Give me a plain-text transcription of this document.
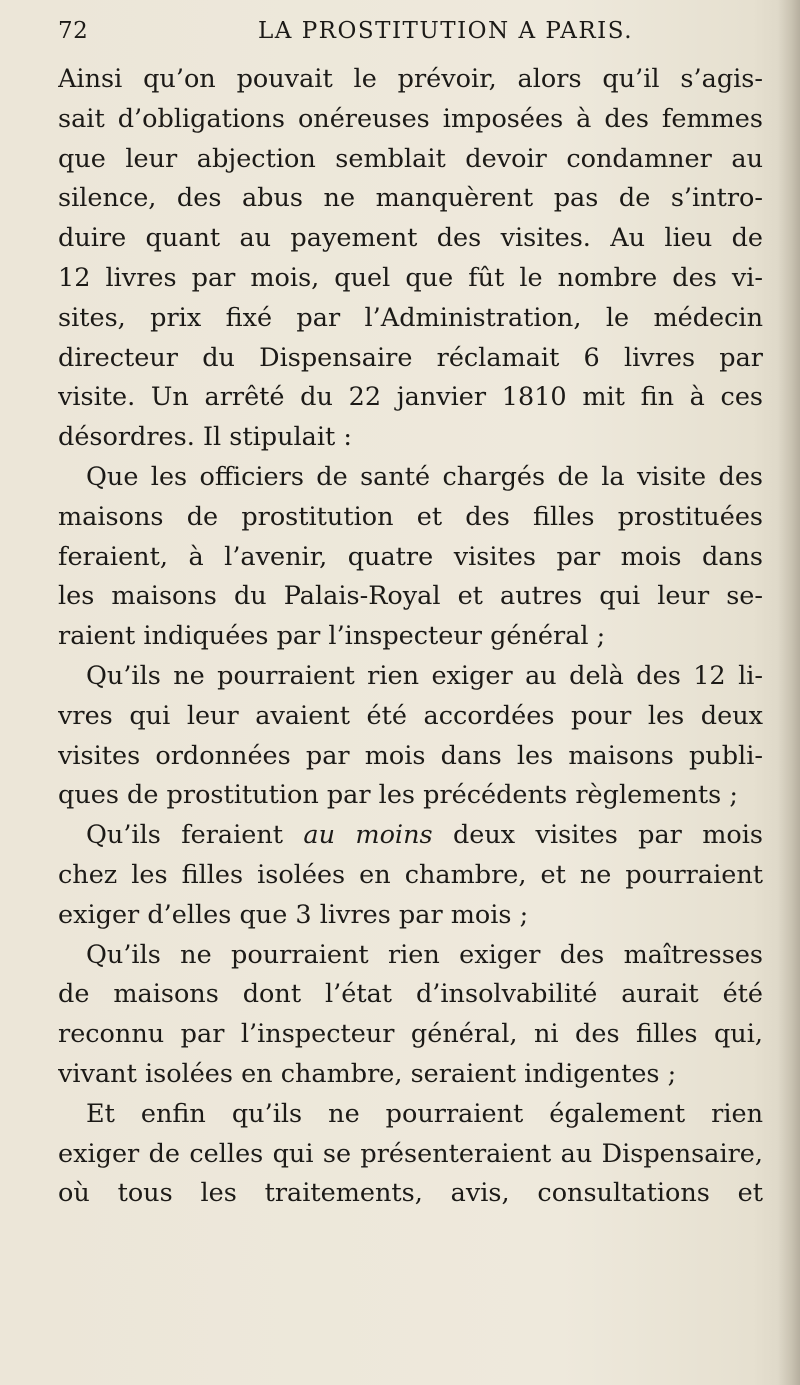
72	LA PROSTITUTION A PARIS.
Ainsi qu’on pouvait le prévoir, alors qu’il s’agis-
sait d’obligations onéreuses imposées à des femmes
que leur abjection semblait devoir condamner au
silence, des abus ne manquèrent pas de s’intro-
duire quant au payement des visites. Au lieu de
12 livres par mois, quel que fût le nombre des vi-
sites, prix fixé par l’Administration, le médecin
directeur du Dispensaire réclamait 6 livres par
visite. Un arrêté du 22 janvier 1810 mit fin à ces
désordres. Il stipulait :
Que les officiers de santé chargés de la visite des
maisons de prostitution et des filles prostituées
feraient, à l’avenir, quatre visites par mois dans
les maisons du Palais-Royal et autres qui leur se-
raient indiquées par l’inspecteur général ;
Qu’ils ne pourraient rien exiger au delà des 12 li-
vres qui leur avaient été accordées pour les deux
visites ordonnées par mois dans les maisons publi-
ques de prostitution par les précédents règlements ;
Qu’ils feraient au moins deux visites par mois
chez les filles isolées en chambre, et ne pourraient
exiger d’elles que 3 livres par mois ;
Qu’ils ne pourraient rien exiger des maîtresses
de maisons dont l’état d’insolvabilité aurait été
reconnu par l’inspecteur général, ni des filles qui,
vivant isolées en chambre, seraient indigentes ;
Et enfin qu’ils ne pourraient également rien
exiger de celles qui se présenteraient au Dispensaire,
où tous les traitements, avis, consultations et
